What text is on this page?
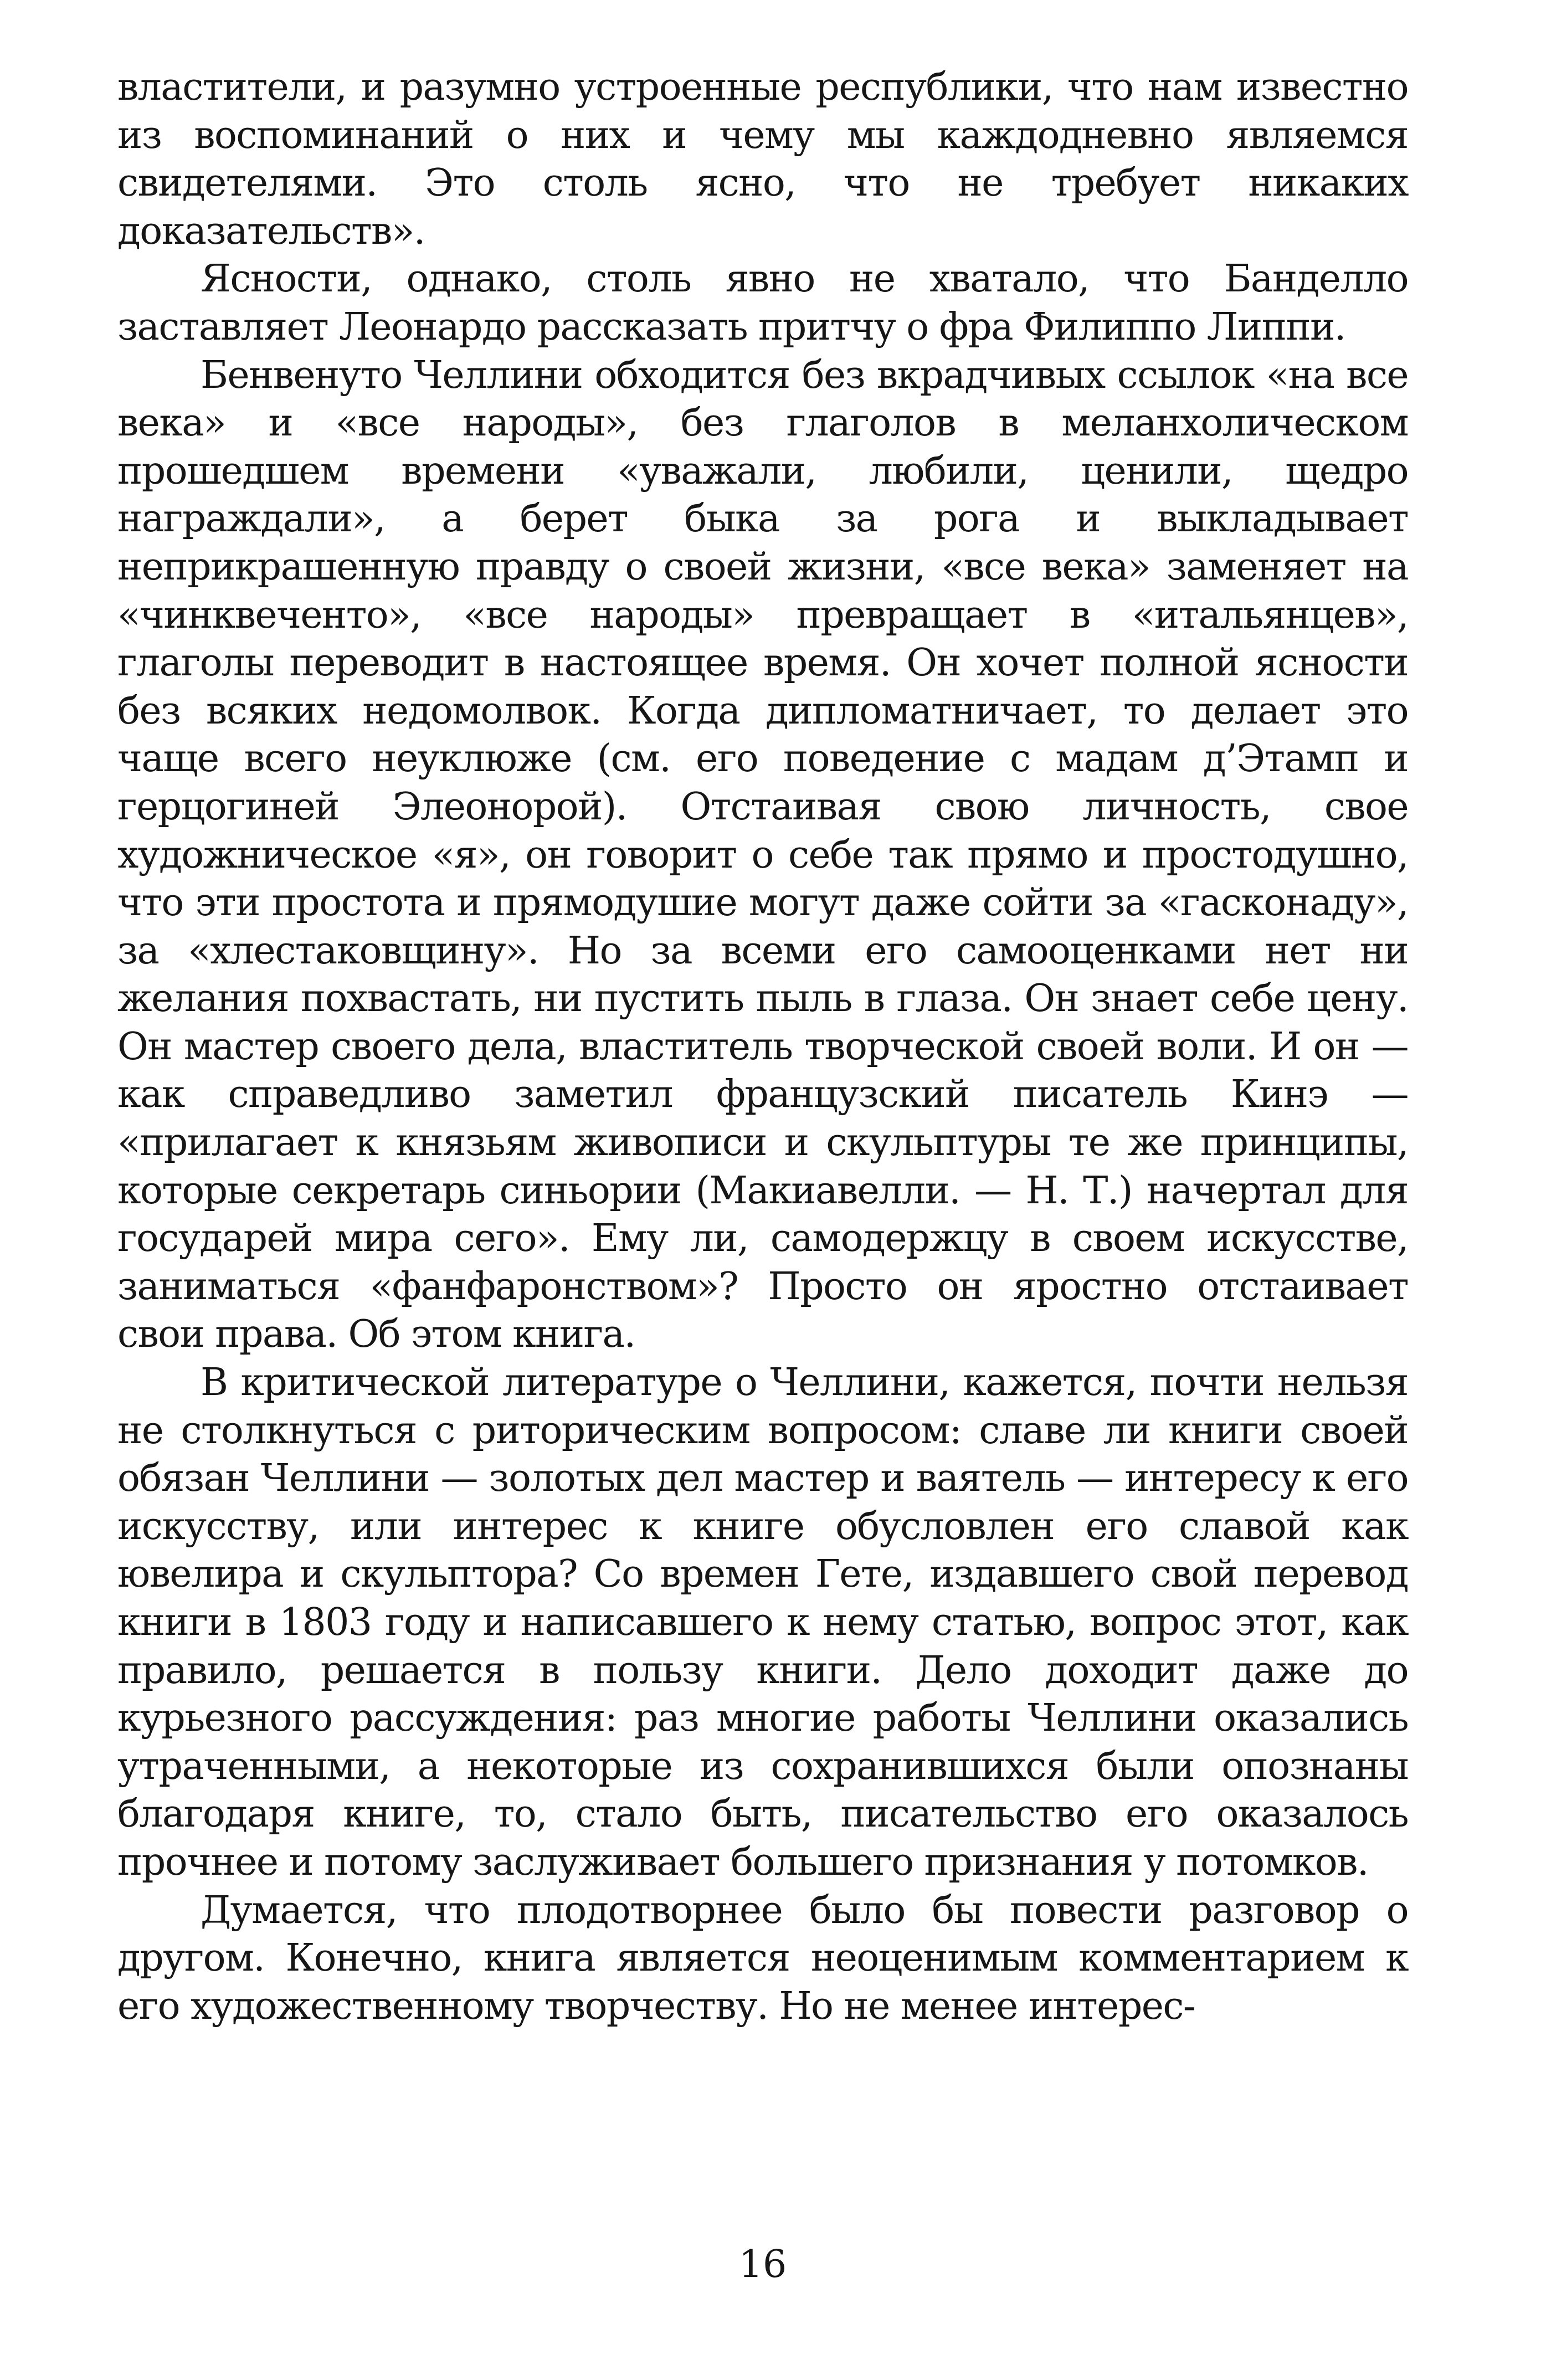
властители, и разумно устроенные республики, что нам известно из воспоминаний о них и чему мы каждодневно являемся свидетелями. Это столь ясно, что не требует никаких доказательств».

Ясности, однако, столь явно не хватало, что Банделло заставляет Леонардо рассказать притчу о фра Филиппо Липпи.

Бенвенуто Челлини обходится без вкрадчивых ссылок «на все века» и «все народы», без глаголов в меланхолическом прошедшем времени «уважали, любили, ценили, щедро награждали», а берет быка за рога и выкладывает неприкрашенную правду о своей жизни, «все века» заменяет на «чинквеченто», «все народы» превращает в «итальянцев», глаголы переводит в настоящее время. Он хочет полной ясности без всяких недомолвок. Когда дипломатничает, то делает это чаще всего неуклюже (см. его поведение с мадам д’Этамп и герцогиней Элеонорой). Отстаивая свою личность, свое художническое «я», он говорит о себе так прямо и простодушно, что эти простота и прямодушие могут даже сойти за «гасконаду», за «хлестаковщину». Но за всеми его самооценками нет ни желания похвастать, ни пустить пыль в глаза. Он знает себе цену. Он мастер своего дела, властитель творческой своей воли. И он — как справедливо заметил французский писатель Кинэ — «прилагает к князьям живописи и скульптуры те же принципы, которые секретарь синьории (Макиавелли. — Н. Т.) начертал для государей мира сего». Ему ли, самодержцу в своем искусстве, заниматься «фанфаронством»? Просто он яростно отстаивает свои права. Об этом книга.

В критической литературе о Челлини, кажется, почти нельзя не столкнуться с риторическим вопросом: славе ли книги своей обязан Челлини — золотых дел мастер и ваятель — интересу к его искусству, или интерес к книге обусловлен его славой как ювелира и скульптора? Со времен Гете, издавшего свой перевод книги в 1803 году и написавшего к нему статью, вопрос этот, как правило, решается в пользу книги. Дело доходит даже до курьезного рассуждения: раз многие работы Челлини оказались утраченными, а некоторые из сохранившихся были опознаны благодаря книге, то, стало быть, писательство его оказалось прочнее и потому заслуживает большего признания у потомков.

Думается, что плодотворнее было бы повести разговор о другом. Конечно, книга является неоценимым комментарием к его художественному творчеству. Но не менее интерес-

16
